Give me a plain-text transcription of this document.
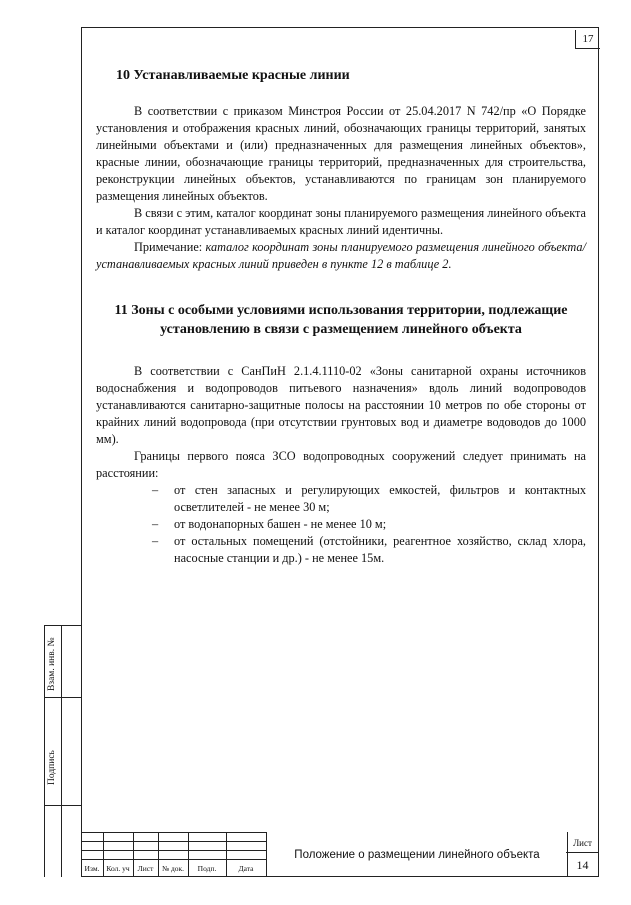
17
10 Устанавливаемые красные линии

В соответствии с приказом Минстроя России от 25.04.2017 N 742/пр «О Порядке установления и отображения красных линий, обозначающих границы территорий, занятых линейными объектами и (или) предназначенных для размещения линейных объектов», красные линии, обозначающие границы территорий, предназначенных для строительства, реконструкции линейных объектов, устанавливаются по границам зон планируемого размещения линейных объектов.

В связи с этим, каталог координат зоны планируемого размещения линейного объекта и каталог координат устанавливаемых красных линий идентичны.

Примечание: каталог координат зоны планируемого размещения линейного объекта/ устанавливаемых красных линий приведен в пункте 12 в таблице 2.

11 Зоны с особыми условиями использования территории, подлежащие установлению в связи с размещением линейного объекта

В соответствии с СанПиН 2.1.4.1110-02 «Зоны санитарной охраны источников водоснабжения и водопроводов питьевого назначения» вдоль линий водопроводов устанавливаются санитарно-защитные полосы на расстоянии 10 метров по обе стороны от крайних линий водопровода (при отсутствии грунтовых вод и диаметре водоводов до 1000 мм).

Границы первого пояса ЗСО водопроводных сооружений следует принимать на расстоянии:

– от стен запасных и регулирующих емкостей, фильтров и контактных осветлителей - не менее 30 м;
– от водонапорных башен - не менее 10 м;
– от остальных помещений (отстойники, реагентное хозяйство, склад хлора, насосные станции и др.) - не менее 15м.
Взам. инв. №
Подпись
Изм. Кол. уч	Лист	№ док.	Подп.	Дата
Положение о размещении линейного объекта
Лист
14
